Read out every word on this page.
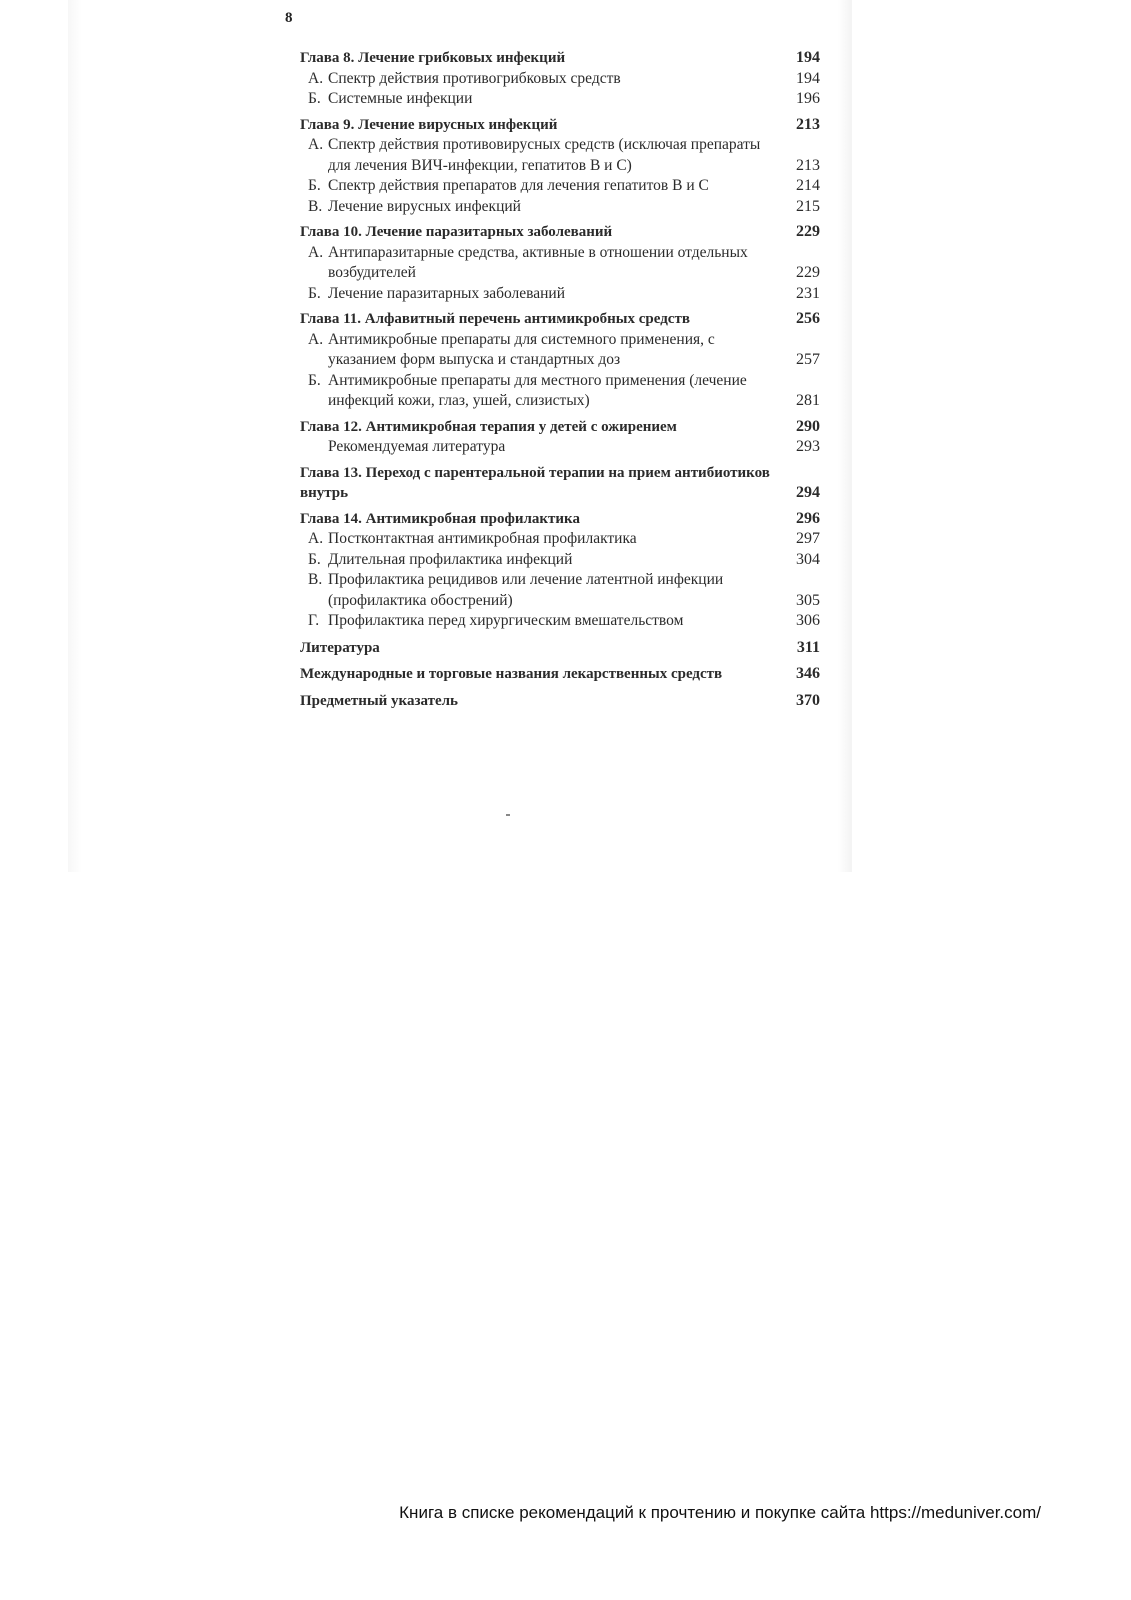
8
Глава 8. Лечение грибковых инфекций	194
А. Спектр действия противогрибковых средств	194
Б. Системные инфекции	196
Глава 9. Лечение вирусных инфекций	213
А. Спектр действия противовирусных средств (исключая препараты для лечения ВИЧ-инфекции, гепатитов В и С)	213
Б. Спектр действия препаратов для лечения гепатитов В и С	214
В. Лечение вирусных инфекций	215
Глава 10. Лечение паразитарных заболеваний	229
А. Антипаразитарные средства, активные в отношении отдельных возбудителей	229
Б. Лечение паразитарных заболеваний	231
Глава 11. Алфавитный перечень антимикробных средств	256
А. Антимикробные препараты для системного применения, с указанием форм выпуска и стандартных доз	257
Б. Антимикробные препараты для местного применения (лечение инфекций кожи, глаз, ушей, слизистых)	281
Глава 12. Антимикробная терапия у детей с ожирением	290
Рекомендуемая литература	293
Глава 13. Переход с парентеральной терапии на прием антибиотиков внутрь	294
Глава 14. Антимикробная профилактика	296
А. Постконтактная антимикробная профилактика	297
Б. Длительная профилактика инфекций	304
В. Профилактика рецидивов или лечение латентной инфекции (профилактика обострений)	305
Г. Профилактика перед хирургическим вмешательством	306
Литература	311
Международные и торговые названия лекарственных средств	346
Предметный указатель	370
Книга в списке рекомендаций к прочтению и покупке сайта https://meduniver.com/
